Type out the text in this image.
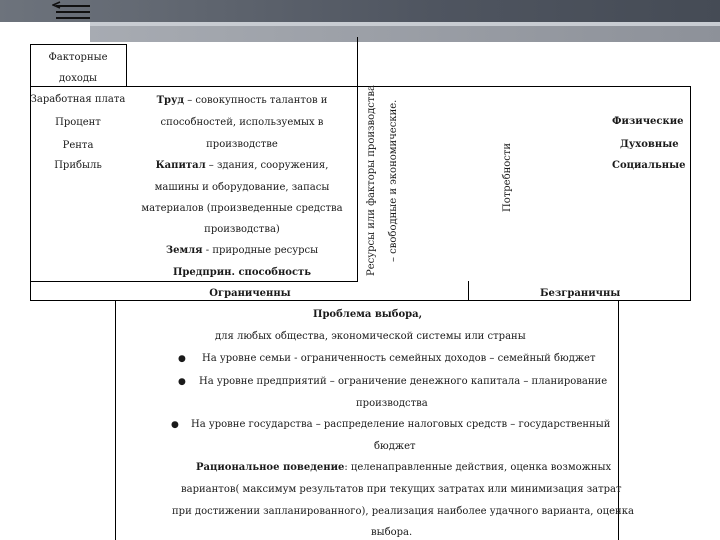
Факторные
доходы
Заработная плата
Процент
Рента
Прибыль
Труд – совокупность талантов и
способностей, используемых в
производстве
Капитал – здания, сооружения,
машины и оборудование, запасы
материалов (произведенные средства
производства)
Земля - природные ресурсы
Предприн. способность	Ресурсы или факторы производства – свободные и экономические.	Потребности
Физические
Духовные
Социальные
Ограниченны	Безграничны
Проблема выбора,
для любых общества, экономической системы или страны
● На уровне семьи - ограниченность семейных доходов – семейный бюджет
● На уровне предприятий – ограничение денежного капитала – планирование
производства
● На уровне государства – распределение налоговых средств – государственный
бюджет
Рациональное поведение: целенаправленные действия, оценка возможных
вариантов( максимум результатов при текущих затратах или минимизация затрат
при достижении запланированного), реализация наиболее удачного варианта, оценка
выбора.
